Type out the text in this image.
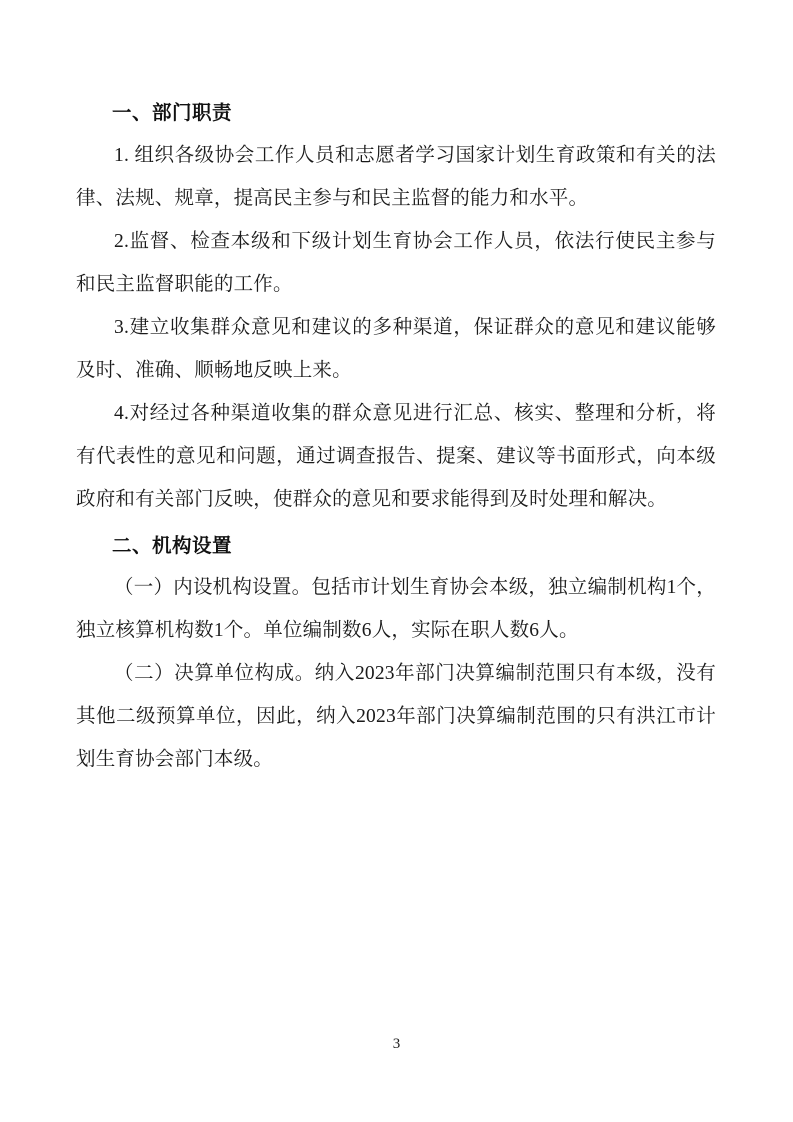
一、部门职责

1. 组织各级协会工作人员和志愿者学习国家计划生育政策和有关的法律、法规、规章，提高民主参与和民主监督的能力和水平。

2.监督、检查本级和下级计划生育协会工作人员，依法行使民主参与和民主监督职能的工作。

3.建立收集群众意见和建议的多种渠道，保证群众的意见和建议能够及时、准确、顺畅地反映上来。

4.对经过各种渠道收集的群众意见进行汇总、核实、整理和分析，将有代表性的意见和问题，通过调查报告、提案、建议等书面形式，向本级政府和有关部门反映，使群众的意见和要求能得到及时处理和解决。

二、机构设置

（一）内设机构设置。包括市计划生育协会本级，独立编制机构1个，独立核算机构数1个。单位编制数6人，实际在职人数6人。

（二）决算单位构成。纳入2023年部门决算编制范围只有本级，没有其他二级预算单位，因此，纳入2023年部门决算编制范围的只有洪江市计划生育协会部门本级。

3
